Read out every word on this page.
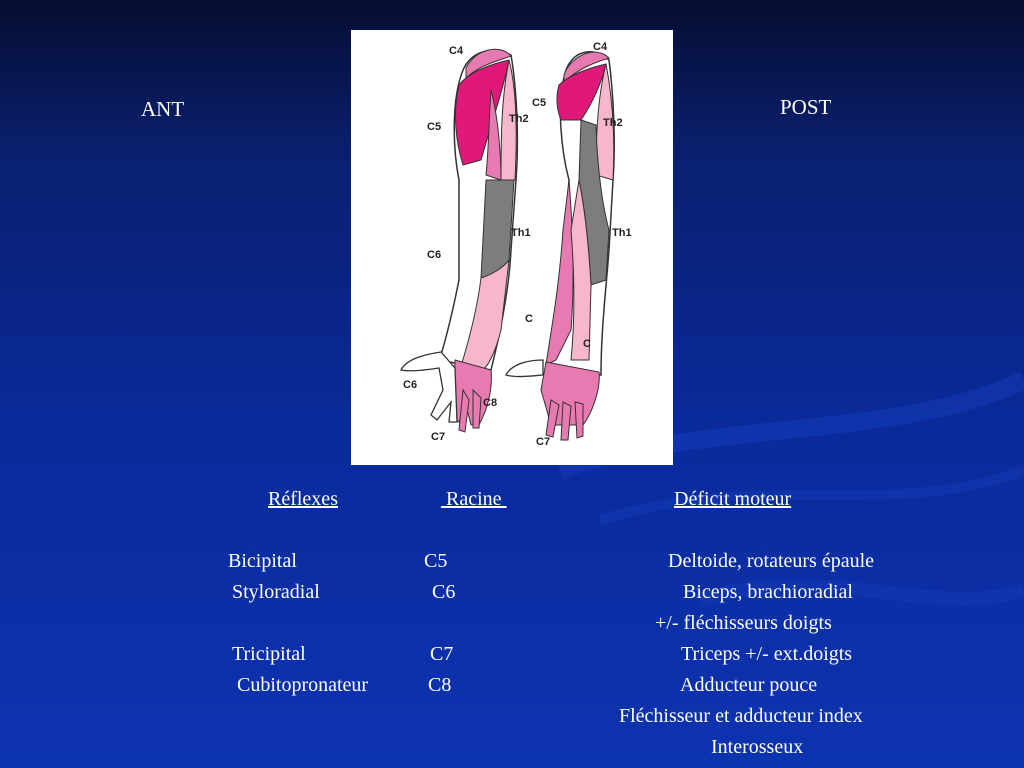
ANT	POST
C4
C5
Th2
Th1
C6
C
C6
C8
C7
C4
C5
Th2
Th1
C
C7
Réflexes	Racine	Déficit moteur
Bicipital	C5	Deltoide, rotateurs épaule
Styloradial	C6	Biceps, brachioradial
+/- fléchisseurs doigts
Tricipital	C7	Triceps +/- ext.doigts
Cubitopronateur	C8	Adducteur pouce
Fléchisseur et adducteur index
Interosseux
